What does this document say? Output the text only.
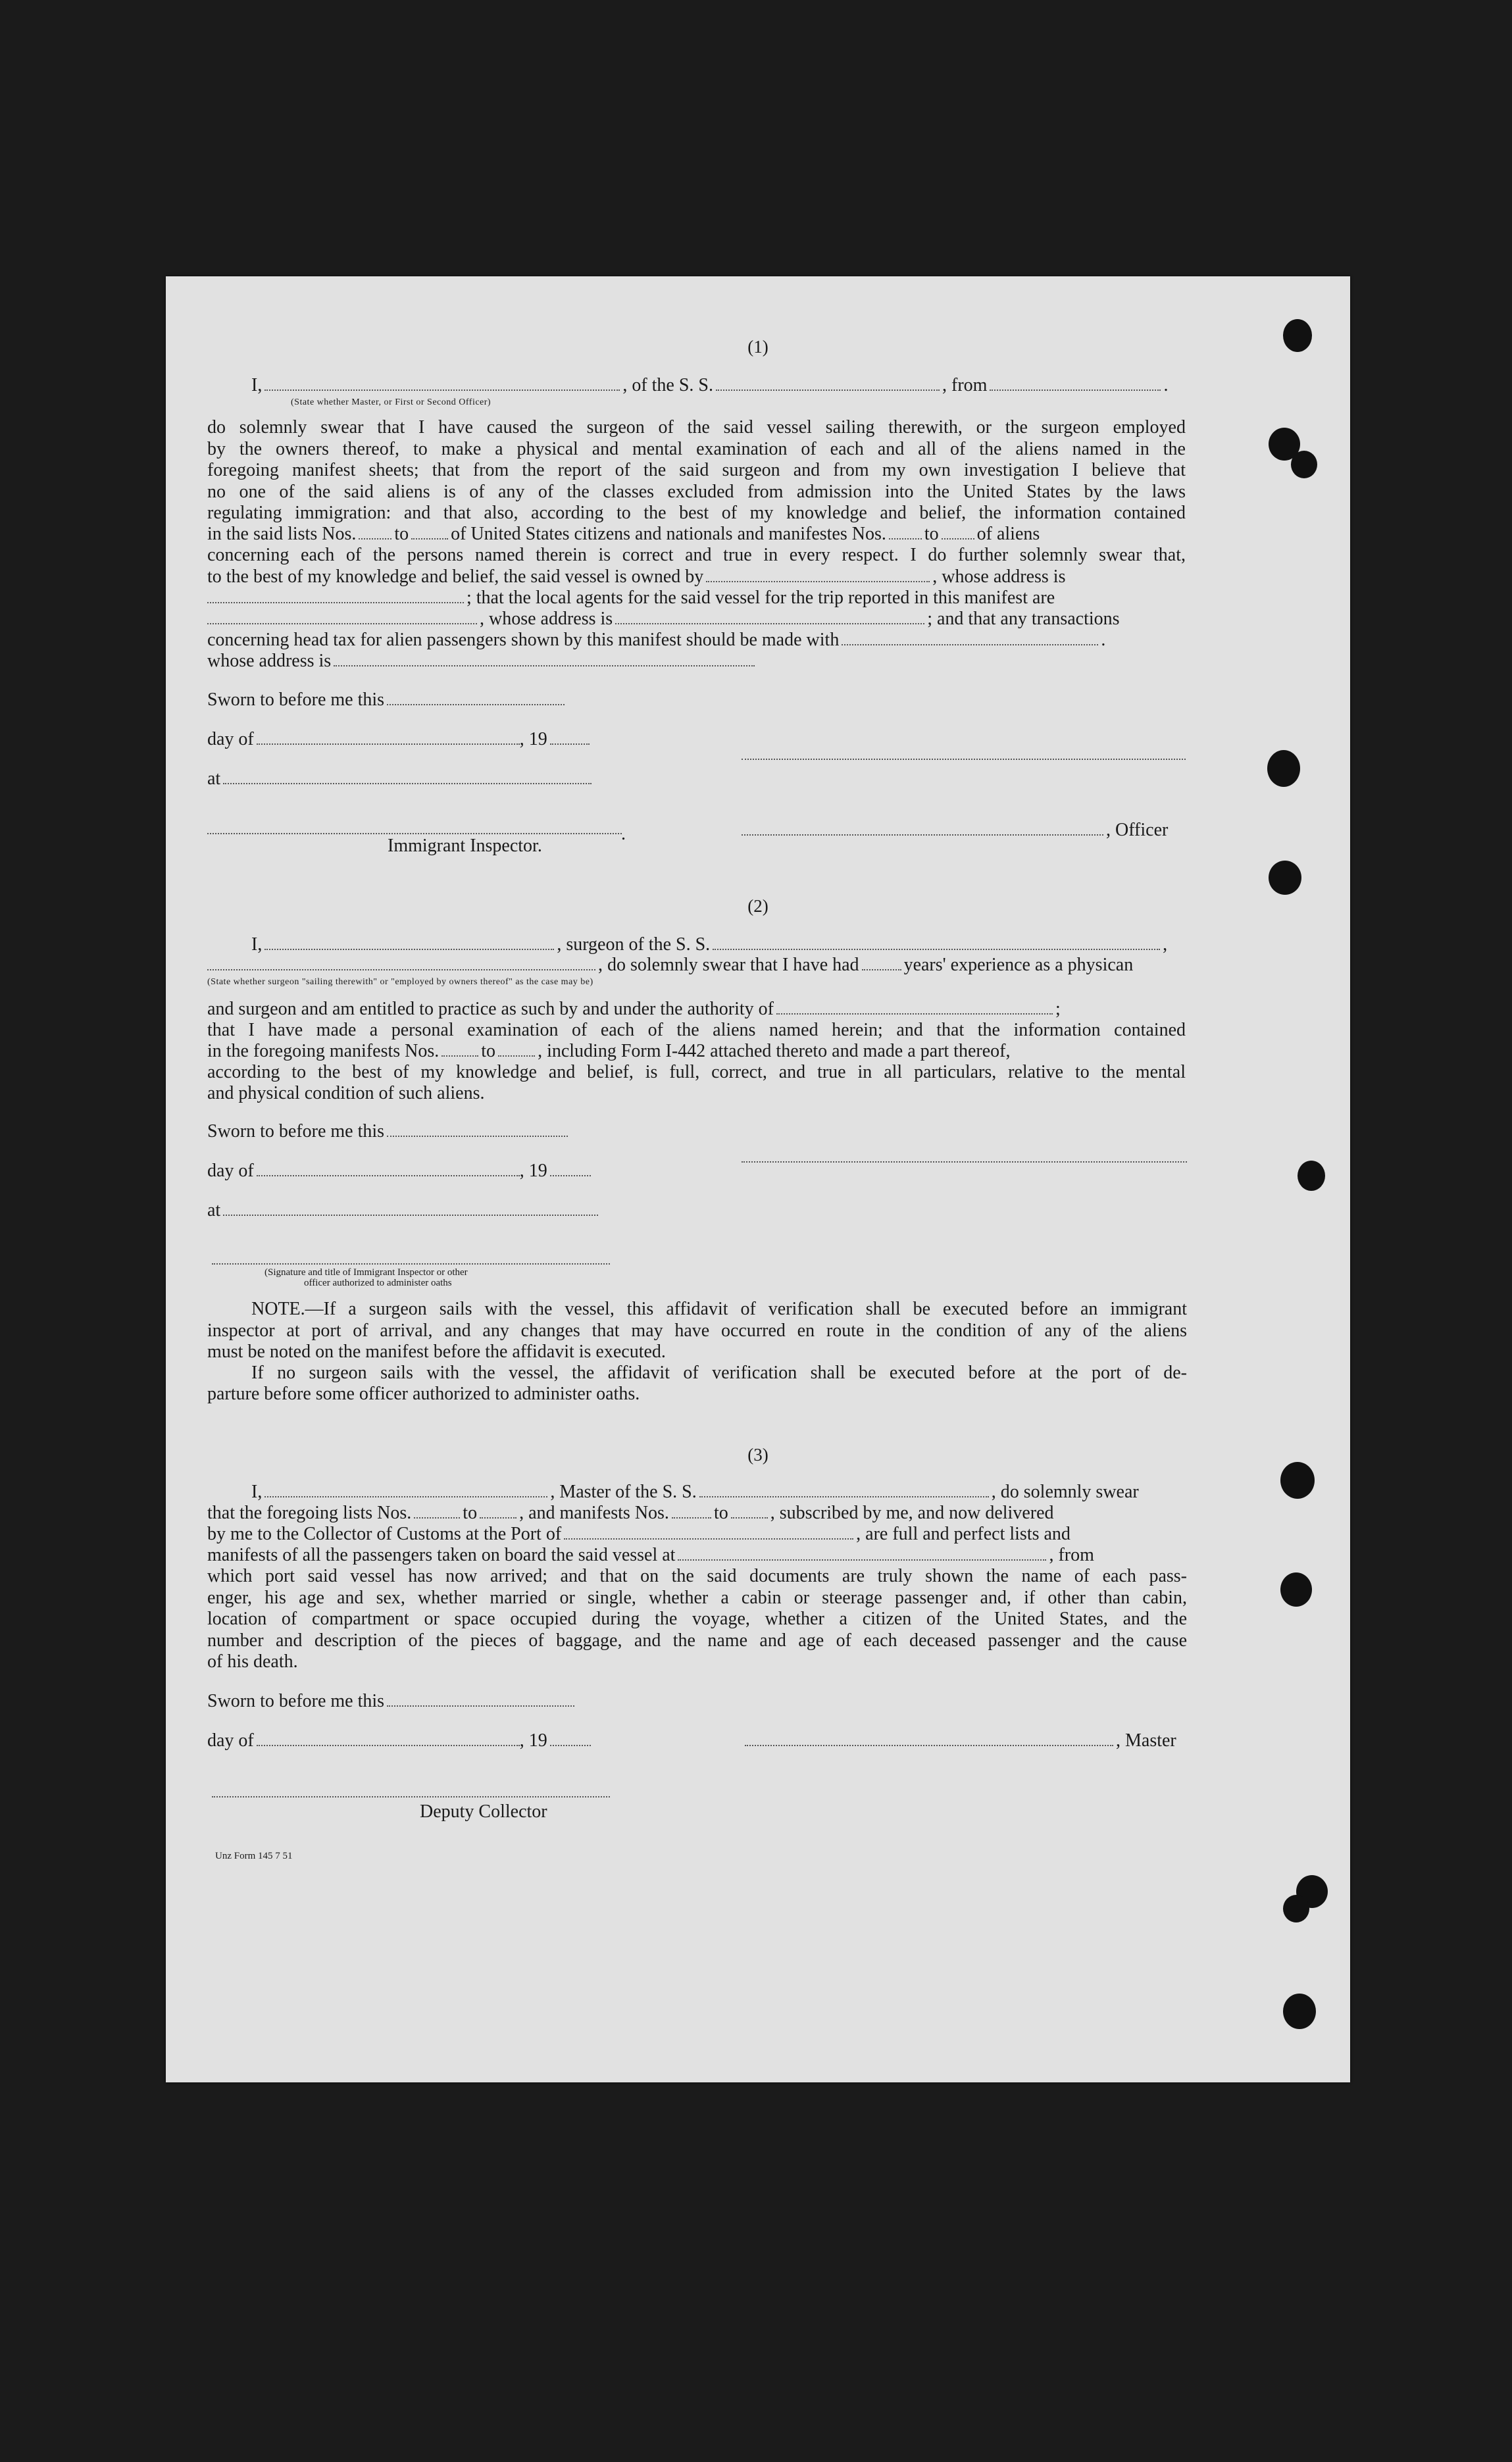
(1)
I,	, of the S. S.	, from	.
(State whether Master, or First or Second Officer)
do solemnly swear that I have caused the surgeon of the said vessel sailing therewith, or the surgeon employed
by the owners thereof, to make a physical and mental examination of each and all of the aliens named in the
foregoing manifest sheets; that from the report of the said surgeon and from my own investigation I believe that
no one of the said aliens is of any of the classes excluded from admission into the United States by the laws
regulating immigration: and that also, according to the best of my knowledge and belief, the information contained
in the said lists Nos. to of United States citizens and nationals and manifestes Nos. to of aliens
concerning each of the persons named therein is correct and true in every respect. I do further solemnly swear that,
to the best of my knowledge and belief, the said vessel is owned by	, whose address is
; that the local agents for the said vessel for the trip reported in this manifest are
, whose address is	; and that any transactions
concerning head tax for alien passengers shown by this manifest should be made with	.
whose address is
Sworn to before me this
day of	, 19
at
.	, Officer
Immigrant Inspector.
(2)
I,	, surgeon of the S. S.	,
, do solemnly swear that I have had years' experience as a physican
(State whether surgeon "sailing therewith" or "employed by owners thereof" as the case may be)
and surgeon and am entitled to practice as such by and under the authority of	;
that I have made a personal examination of each of the aliens named herein; and that the information contained
in the foregoing manifests Nos. to , including Form I-442 attached thereto and made a part thereof,
according to the best of my knowledge and belief, is full, correct, and true in all particulars, relative to the mental
and physical condition of such aliens.
Sworn to before me this
day of	, 19
at
(Signature and title of Immigrant Inspector or other
officer authorized to administer oaths
NOTE.—If a surgeon sails with the vessel, this affidavit of verification shall be executed before an immigrant
inspector at port of arrival, and any changes that may have occurred en route in the condition of any of the aliens
must be noted on the manifest before the affidavit is executed.
If no surgeon sails with the vessel, the affidavit of verification shall be executed before at the port of de-
parture before some officer authorized to administer oaths.
(3)
I,	, Master of the S. S.	, do solemnly swear
that the foregoing lists Nos.	to , and manifests Nos. to , subscribed by me, and now delivered
by me to the Collector of Customs at the Port of	, are full and perfect lists and
manifests of all the passengers taken on board the said vessel at	, from
which port said vessel has now arrived; and that on the said documents are truly shown the name of each pass-
enger, his age and sex, whether married or single, whether a cabin or steerage passenger and, if other than cabin,
location of compartment or space occupied during the voyage, whether a citizen of the United States, and the
number and description of the pieces of baggage, and the name and age of each deceased passenger and the cause
of his death.
Sworn to before me this
day of	, 19	, Master
Deputy Collector
Unz Form 145 7 51
